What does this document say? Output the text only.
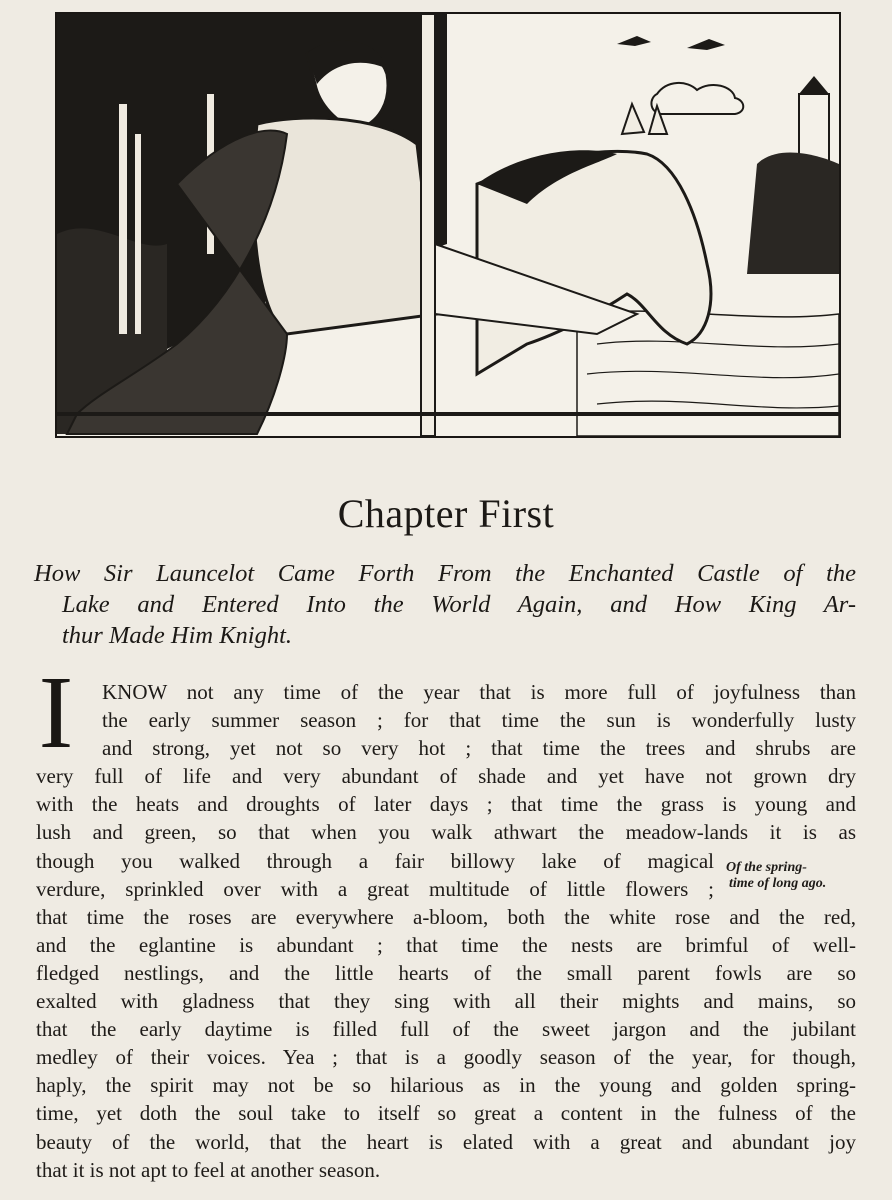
Chapter First
How Sir Launcelot Came Forth From the Enchanted Castle of the
Lake and Entered Into the World Again, and How King Ar-
thur Made Him Knight.
I	KNOW not any time of the year that is more full of joyfulness than
the early summer season ; for that time the sun is wonderfully lusty
and strong, yet not so very hot ; that time the trees and shrubs are
very full of life and very abundant of shade and yet have not grown dry
with the heats and droughts of later days ; that time the grass is young and
lush and green, so that when you walk athwart the meadow-lands it is as
though you walked through a fair billowy lake of magical
verdure, sprinkled over with a great multitude of little flowers ;
that time the roses are everywhere a-bloom, both the white rose and the red,
and the eglantine is abundant ; that time the nests are brimful of well-
fledged nestlings, and the little hearts of the small parent fowls are so
exalted with gladness that they sing with all their mights and mains, so
that the early daytime is filled full of the sweet jargon and the jubilant
medley of their voices. Yea ; that is a goodly season of the year, for though,
haply, the spirit may not be so hilarious as in the young and golden spring-
time, yet doth the soul take to itself so great a content in the fulness of the
beauty of the world, that the heart is elated with a great and abundant joy
that it is not apt to feel at another season.
Of the spring-
time of long ago.
